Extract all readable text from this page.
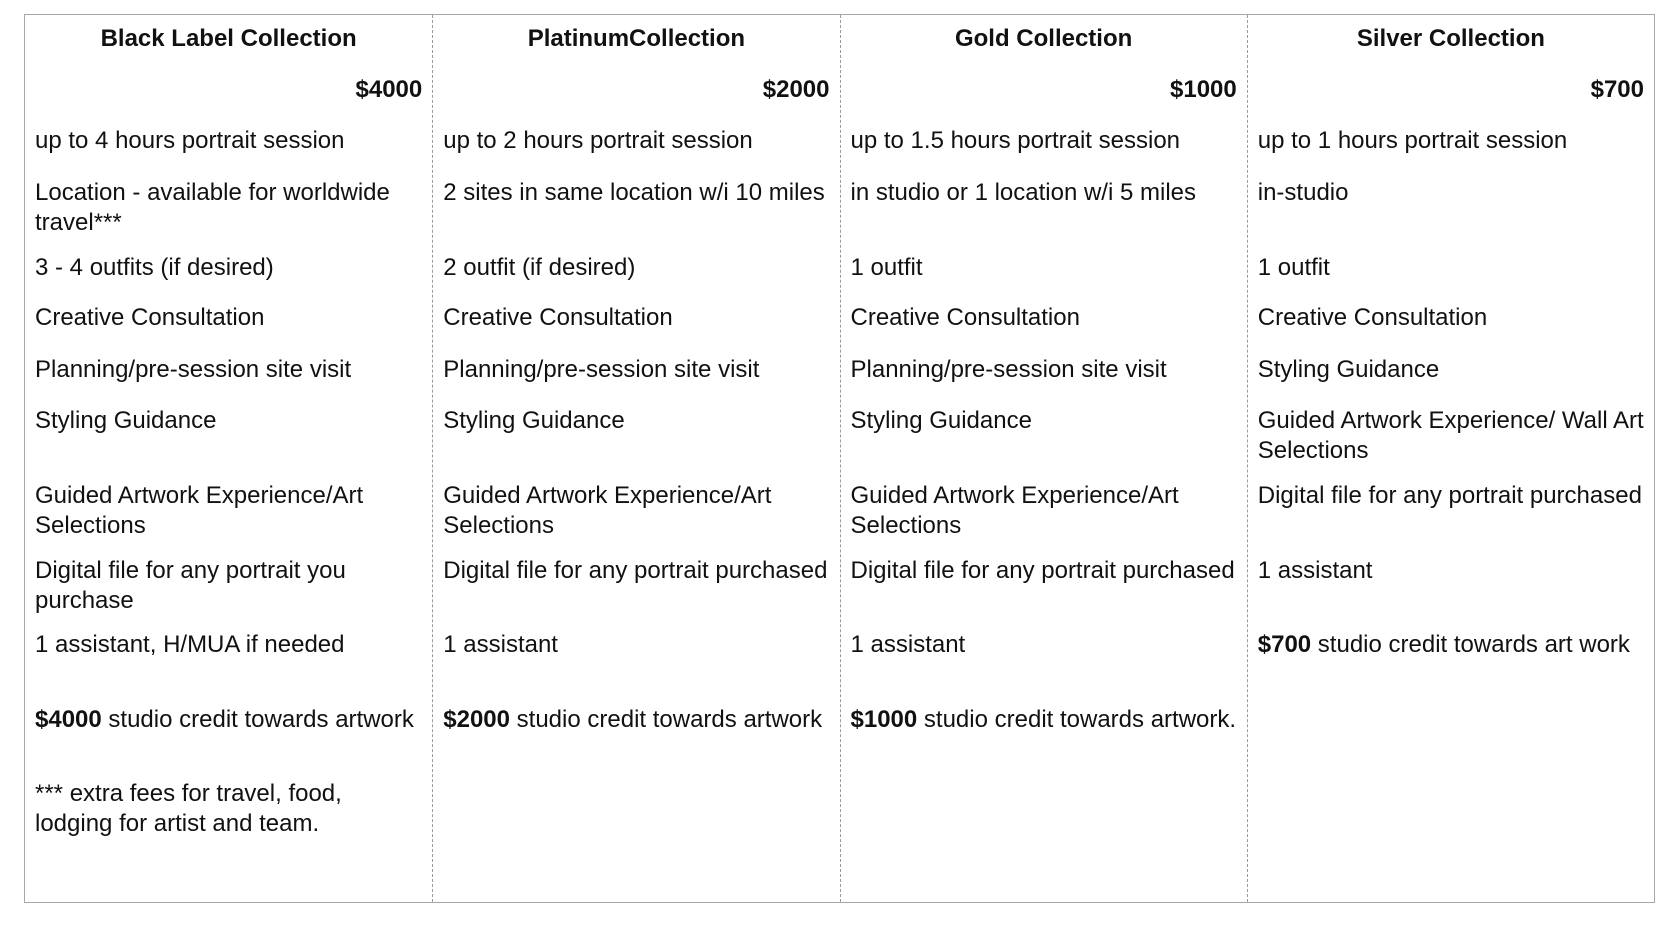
Black Label Collection
$4000
up to 4 hours portrait session
Location - available for worldwide travel***
3 - 4 outfits (if desired)
Creative Consultation
Planning/pre-session site visit
Styling Guidance
Guided Artwork Experience/Art Selections
Digital file for any portrait you purchase
1 assistant, H/MUA if needed
$4000 studio credit towards artwork
*** extra fees for travel, food, lodging for artist and team.
PlatinumCollection
$2000
up to 2 hours portrait session
2 sites in same location w/i 10 miles
2 outfit (if desired)
Creative Consultation
Planning/pre-session site visit
Styling Guidance
Guided Artwork Experience/Art Selections
Digital file for any portrait purchased
1 assistant
$2000 studio credit towards artwork
Gold Collection
$1000
up to 1.5 hours portrait session
in studio or 1 location w/i 5 miles
1 outfit
Creative Consultation
Planning/pre-session site visit
Styling Guidance
Guided Artwork Experience/Art Selections
Digital file for any portrait purchased
1 assistant
$1000 studio credit towards artwork.
Silver Collection
$700
up to 1 hours portrait session
in-studio
1 outfit
Creative Consultation
Styling Guidance
Guided Artwork Experience/ Wall Art Selections
Digital file for any portrait purchased
1 assistant
$700 studio credit towards art work
